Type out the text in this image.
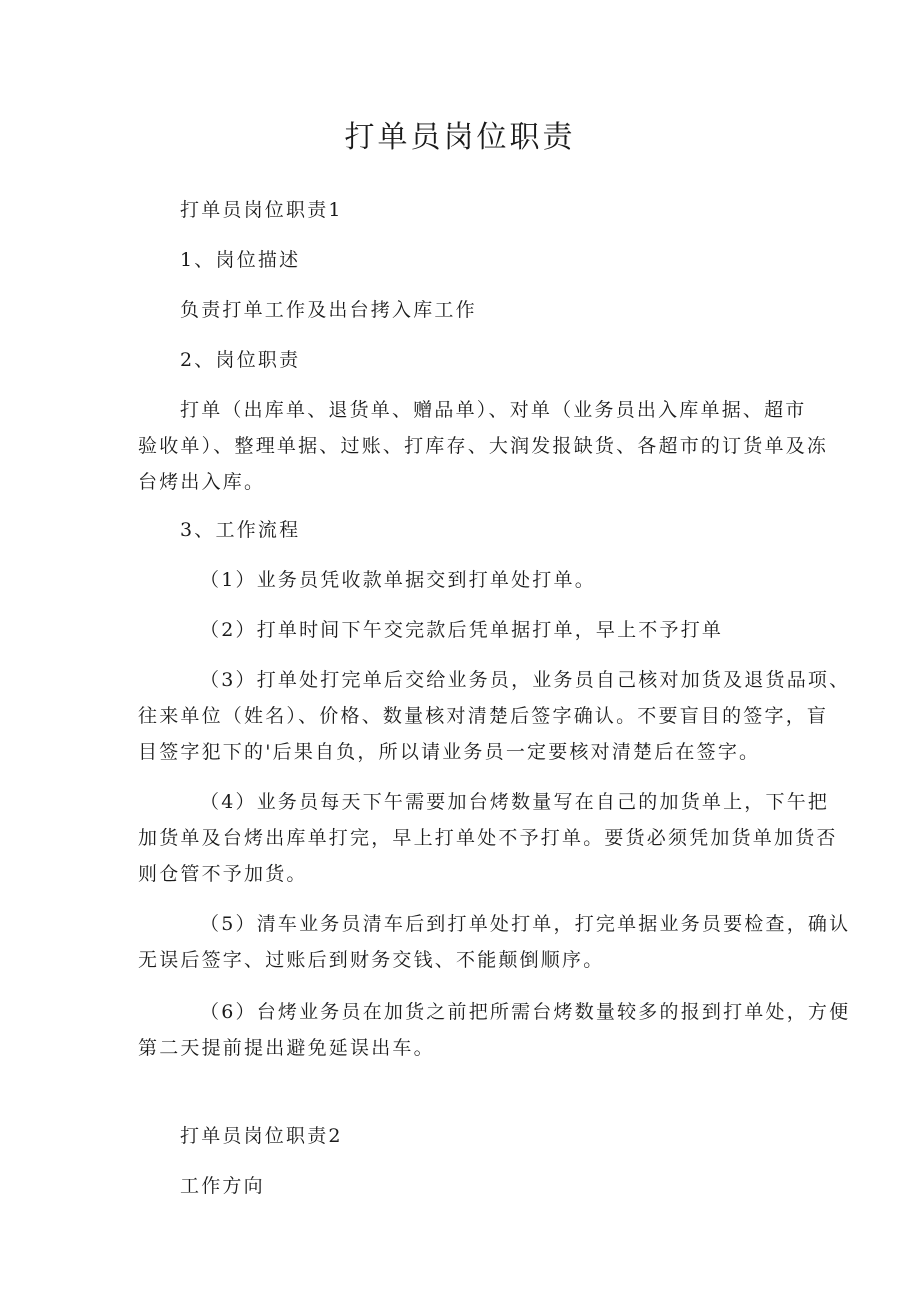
打单员岗位职责

打单员岗位职责1

1、岗位描述

负责打单工作及出台拷入库工作

2、岗位职责

打单（出库单、退货单、赠品单）、对单（业务员出入库单据、超市
验收单）、整理单据、过账、打库存、大润发报缺货、各超市的订货单及冻
台烤出入库。

3、工作流程

（1）业务员凭收款单据交到打单处打单。

（2）打单时间下午交完款后凭单据打单，早上不予打单

（3）打单处打完单后交给业务员，业务员自己核对加货及退货品项、
往来单位（姓名）、价格、数量核对清楚后签字确认。不要盲目的签字，盲
目签字犯下的'后果自负，所以请业务员一定要核对清楚后在签字。
（4）业务员每天下午需要加台烤数量写在自己的加货单上，下午把
加货单及台烤出库单打完，早上打单处不予打单。要货必须凭加货单加货否
则仓管不予加货。
（5）清车业务员清车后到打单处打单，打完单据业务员要检查，确认
无误后签字、过账后到财务交钱、不能颠倒顺序。
（6）台烤业务员在加货之前把所需台烤数量较多的报到打单处，方便
第二天提前提出避免延误出车。

打单员岗位职责2

工作方向
